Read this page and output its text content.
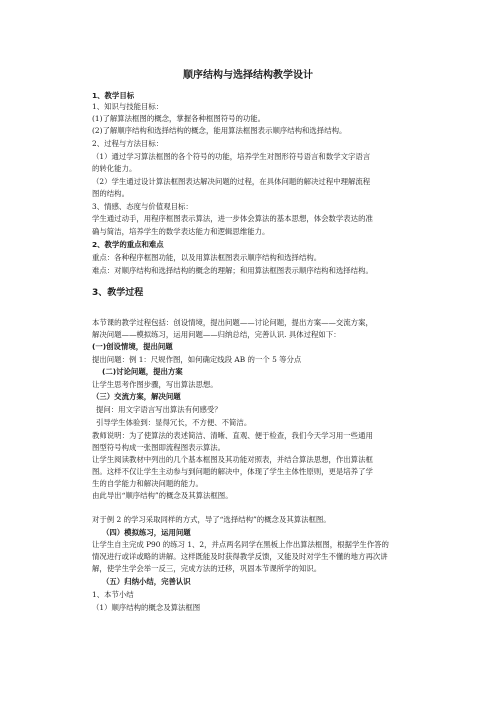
顺序结构与选择结构教学设计
1、教学目标
1、知识与技能目标：
(1)了解算法框图的概念，掌握各种框图符号的功能。
(2)了解顺序结构和选择结构的概念，能用算法框图表示顺序结构和选择结构。
2、过程与方法目标：
（1）通过学习算法框图的各个符号的功能，培养学生对图形符号语言和数学文字语言
的转化能力。
（2）学生通过设计算法框图表达解决问题的过程，在具体问题的解决过程中理解流程
图的结构。
3、情感、态度与价值观目标：
学生通过动手，用程序框图表示算法，进一步体会算法的基本思想，体会数学表达的准
确与简洁，培养学生的数学表达能力和逻辑思维能力。
2、教学的重点和难点
重点：各种程序框图功能，以及用算法框图表示顺序结构和选择结构。
难点：对顺序结构和选择结构的概念的理解；和用算法框图表示顺序结构和选择结构。
3、教学过程
本节课的教学过程包括：创设情境，提出问题——讨论问题，提出方案——交流方案，
解决问题——模拟练习，运用问题——归纳总结，完善认识. 具体过程如下：
(一)创设情境，提出问题
提出问题：例 1：尺规作图，如何确定线段 AB 的一个 5 等分点
(二)讨论问题，提出方案
让学生思考作图步骤，写出算法思想。
（三）交流方案，解决问题
提问：用文字语言写出算法有何感受？
引导学生体验到：显得冗长，不方便、不简洁。
教师说明：为了使算法的表述简洁、清晰、直观、便于检查，我们今天学习用一些通用
图型符号构成一张图即流程图表示算法。
让学生阅读教材中列出的几个基本框图及其功能对照表，并结合算法思想，作出算法框
图。这样不仅让学生主动参与到问题的解决中，体现了学生主体性原则，更是培养了学
生的自学能力和解决问题的能力。
由此导出“顺序结构”的概念及其算法框图。
对于例 2 的学习采取同样的方式，导了“选择结构”的概念及其算法框图。
（四）模拟练习，运用问题
让学生自主完成 P90 的练习 1、2，并点两名同学在黑板上作出算法框图，根据学生作答的
情况进行或详或略的讲解。这样既能及时获得教学反馈，又能及时对学生不懂的地方再次讲
解，使学生学会举一反三，完成方法的迁移，巩固本节课所学的知识。
（五）归纳小结，完善认识
1、本节小结
（1）顺序结构的概念及算法框图
